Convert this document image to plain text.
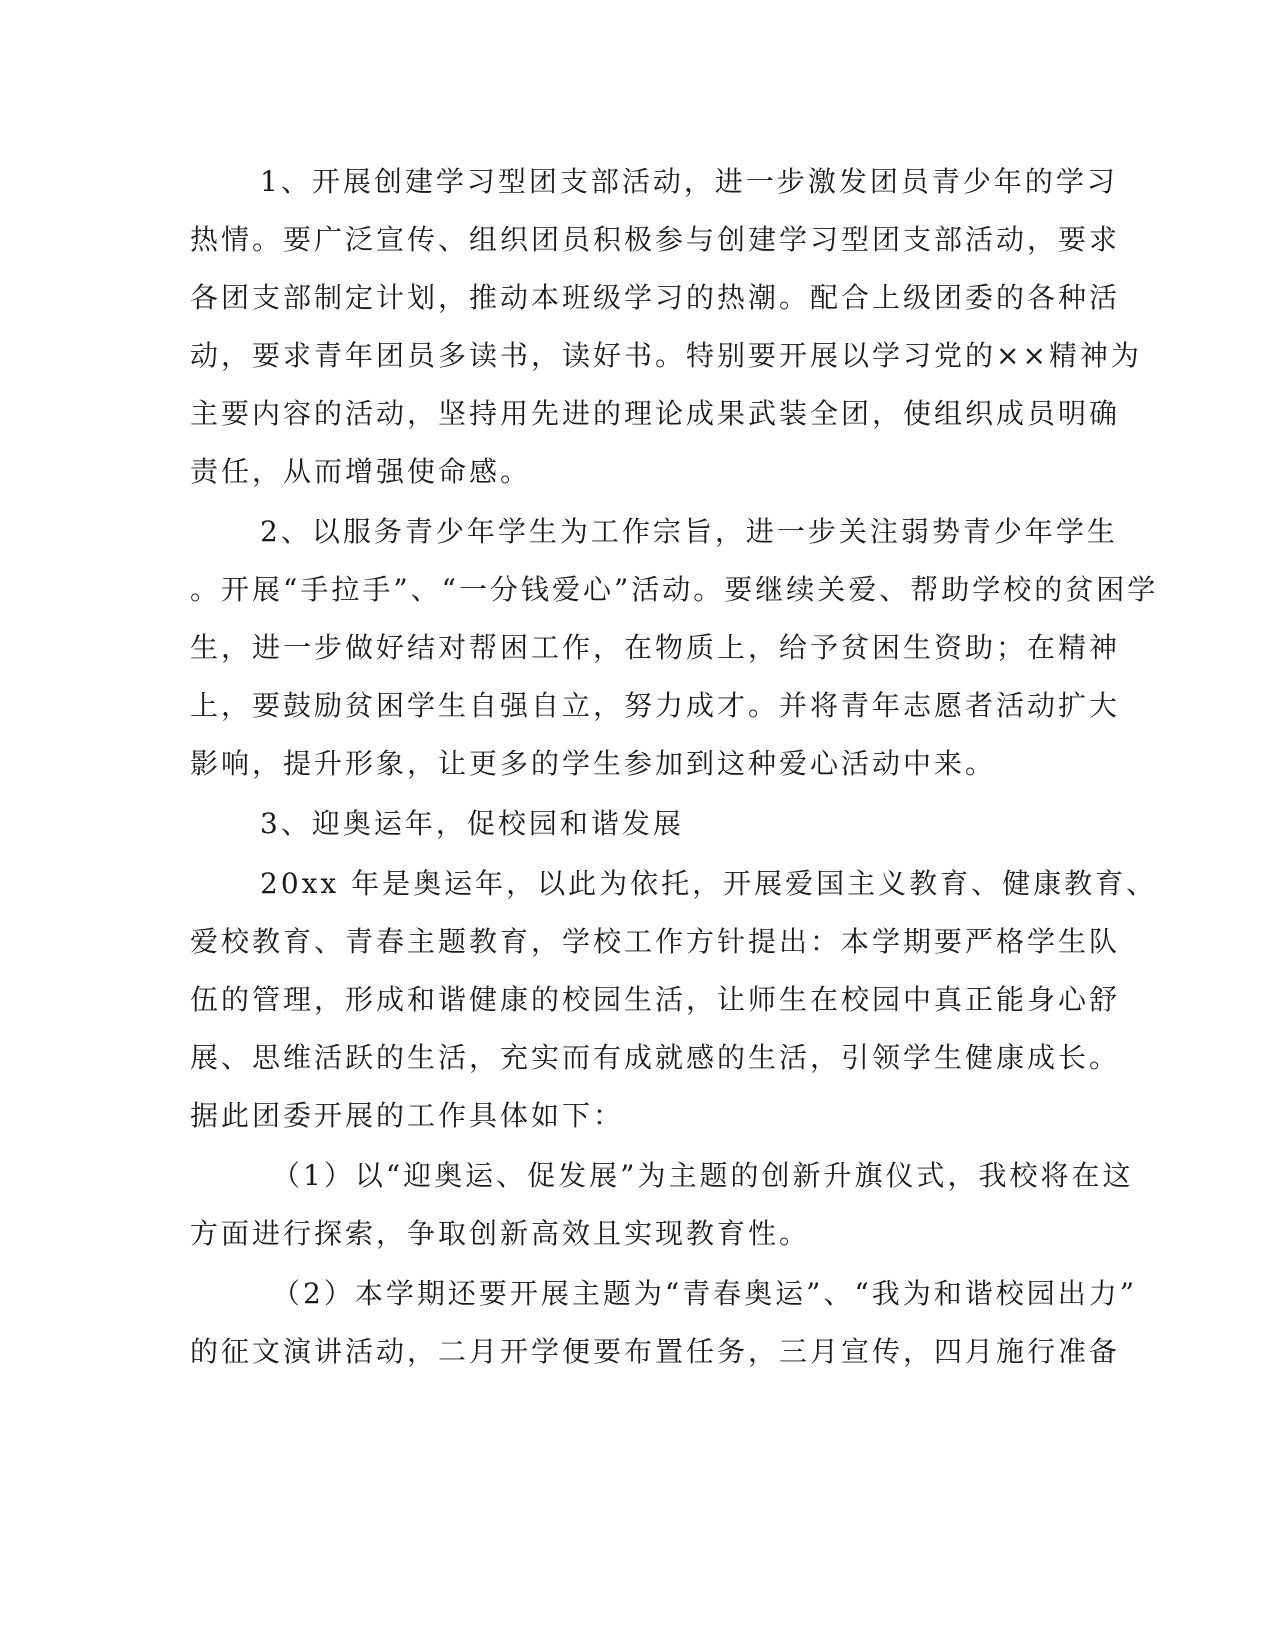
1、开展创建学习型团支部活动，进一步激发团员青少年的学习
热情。要广泛宣传、组织团员积极参与创建学习型团支部活动，要求
各团支部制定计划，推动本班级学习的热潮。配合上级团委的各种活
动，要求青年团员多读书，读好书。特别要开展以学习党的××精神为
主要内容的活动，坚持用先进的理论成果武装全团，使组织成员明确
责任，从而增强使命感。
2、以服务青少年学生为工作宗旨，进一步关注弱势青少年学生
。开展“手拉手”、“一分钱爱心”活动。要继续关爱、帮助学校的贫困学
生，进一步做好结对帮困工作，在物质上，给予贫困生资助；在精神
上，要鼓励贫困学生自强自立，努力成才。并将青年志愿者活动扩大
影响，提升形象，让更多的学生参加到这种爱心活动中来。
3、迎奥运年，促校园和谐发展
20xx 年是奥运年，以此为依托，开展爱国主义教育、健康教育、
爱校教育、青春主题教育，学校工作方针提出：本学期要严格学生队
伍的管理，形成和谐健康的校园生活，让师生在校园中真正能身心舒
展、思维活跃的生活，充实而有成就感的生活，引领学生健康成长。
据此团委开展的工作具体如下：
（1）以“迎奥运、促发展”为主题的创新升旗仪式，我校将在这
方面进行探索，争取创新高效且实现教育性。
（2）本学期还要开展主题为“青春奥运”、“我为和谐校园出力”
的征文演讲活动，二月开学便要布置任务，三月宣传，四月施行准备
